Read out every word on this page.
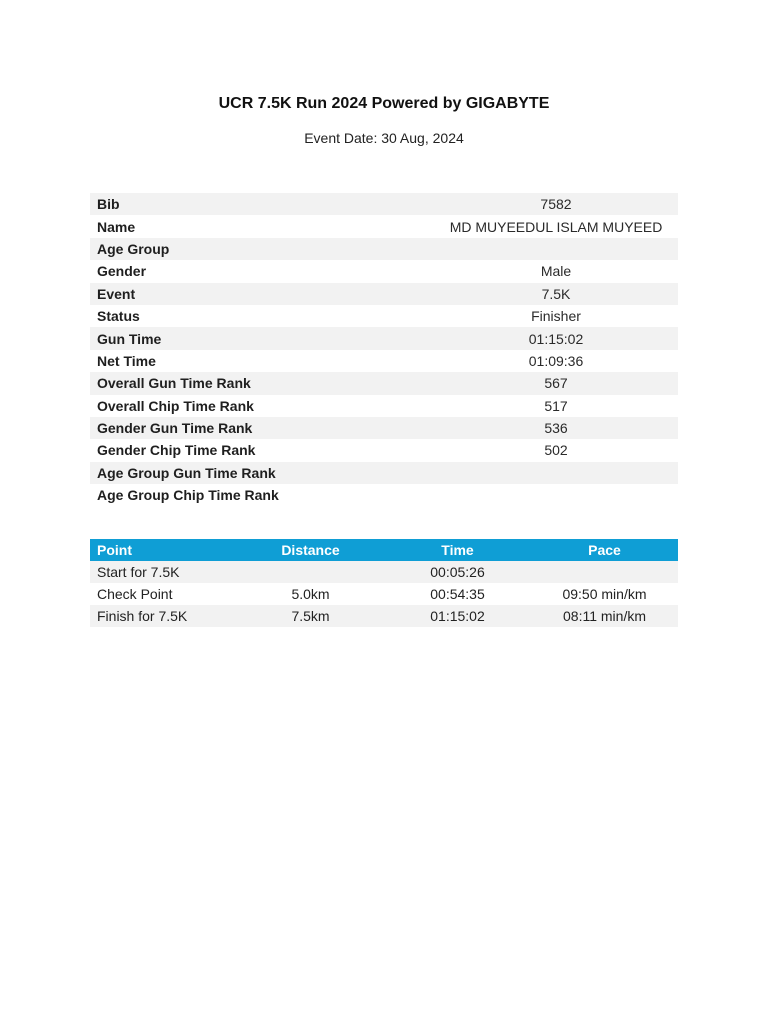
UCR 7.5K Run 2024 Powered by GIGABYTE
Event Date: 30 Aug, 2024
Bib	7582
Name	MD MUYEEDUL ISLAM MUYEED
Age Group	
Gender	Male
Event	7.5K
Status	Finisher
Gun Time	01:15:02
Net Time	01:09:36
Overall Gun Time Rank	567
Overall Chip Time Rank	517
Gender Gun Time Rank	536
Gender Chip Time Rank	502
Age Group Gun Time Rank	
Age Group Chip Time Rank	
Point	Distance	Time	Pace
Start for 7.5K		00:05:26	
Check Point	5.0km	00:54:35	09:50 min/km
Finish for 7.5K	7.5km	01:15:02	08:11 min/km
